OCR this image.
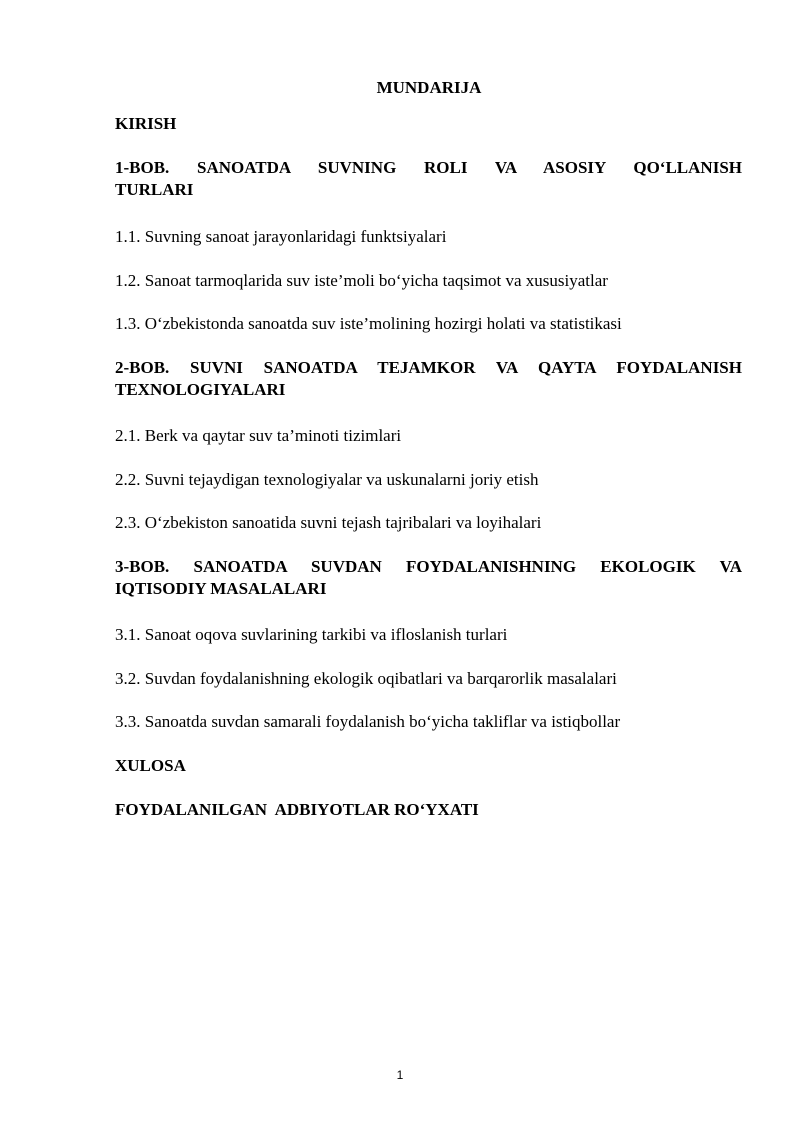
MUNDARIJA
KIRISH
1-BOB. SANOATDA SUVNING ROLI VA ASOSIY QO‘LLANISH
TURLARI
1.1. Suvning sanoat jarayonlaridagi funktsiyalari
1.2. Sanoat tarmoqlarida suv iste’moli bo‘yicha taqsimot va xususiyatlar
1.3. O‘zbekistonda sanoatda suv iste’molining hozirgi holati va statistikasi
2-BOB. SUVNI SANOATDA TEJAMKOR VA QAYTA FOYDALANISH
TEXNOLOGIYALARI
2.1. Berk va qaytar suv ta’minoti tizimlari
2.2. Suvni tejaydigan texnologiyalar va uskunalarni joriy etish
2.3. O‘zbekiston sanoatida suvni tejash tajribalari va loyihalari
3-BOB. SANOATDA SUVDAN FOYDALANISHNING EKOLOGIK VA
IQTISODIY MASALALARI
3.1. Sanoat oqova suvlarining tarkibi va ifloslanish turlari
3.2. Suvdan foydalanishning ekologik oqibatlari va barqarorlik masalalari
3.3. Sanoatda suvdan samarali foydalanish bo‘yicha takliflar va istiqbollar
XULOSA
FOYDALANILGAN  ADBIYOTLAR RO‘YXATI
1
